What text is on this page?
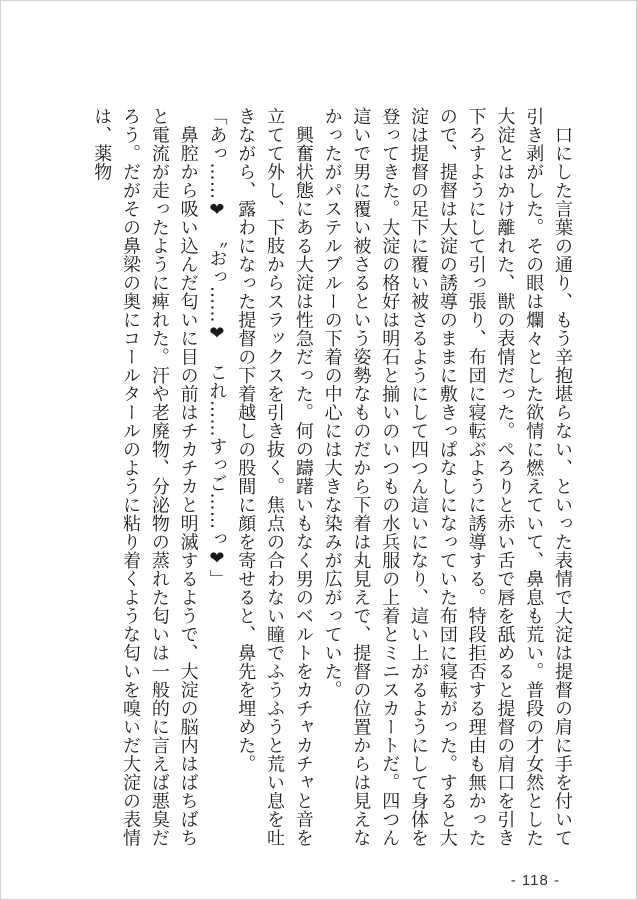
　口にした言葉の通り、もう辛抱堪らない、といった表情で大淀は提督の肩に手を付いて引き剥がした。その眼は爛々とした欲情に燃えていて、鼻息も荒い。普段の才女然とした大淀とはかけ離れた、獣の表情だった。ぺろりと赤い舌で唇を舐めると提督の肩口を引き下ろすようにして引っ張り、布団に寝転ぶように誘導する。特段拒否する理由も無かったので、提督は大淀の誘導のままに敷きっぱなしになっていた布団に寝転がった。すると大淀は提督の足下に覆い被さるようにして四つん這いになり、這い上がるようにして身体を登ってきた。大淀の格好は明石と揃いのいつもの水兵服の上着とミニスカートだ。四つん這いで男に覆い被さるという姿勢なものだから下着は丸見えで、提督の位置からは見えなかったがパステルブルーの下着の中心には大きな染みが広がっていた。

　興奮状態にある大淀は性急だった。何の躊躇いもなく男のベルトをカチャカチャと音を立てて外し、下肢からスラックスを引き抜く。焦点の合わない瞳でふうふうと荒い息を吐きながら、露わになった提督の下着越しの股間に顔を寄せると、鼻先を埋めた。

「あっ……❤　〝おっ……❤　これ……すっご……っ❤」

　鼻腔から吸い込んだ匂いに目の前はチカチカと明滅するようで、大淀の脳内はばちばちと電流が走ったように痺れた。汗や老廃物、分泌物の蒸れた匂いは一般的に言えば悪臭だろう。だがその鼻梁の奥にコールタールのように粘り着くような匂いを嗅いだ大淀の表情は、薬物

- 118 -
